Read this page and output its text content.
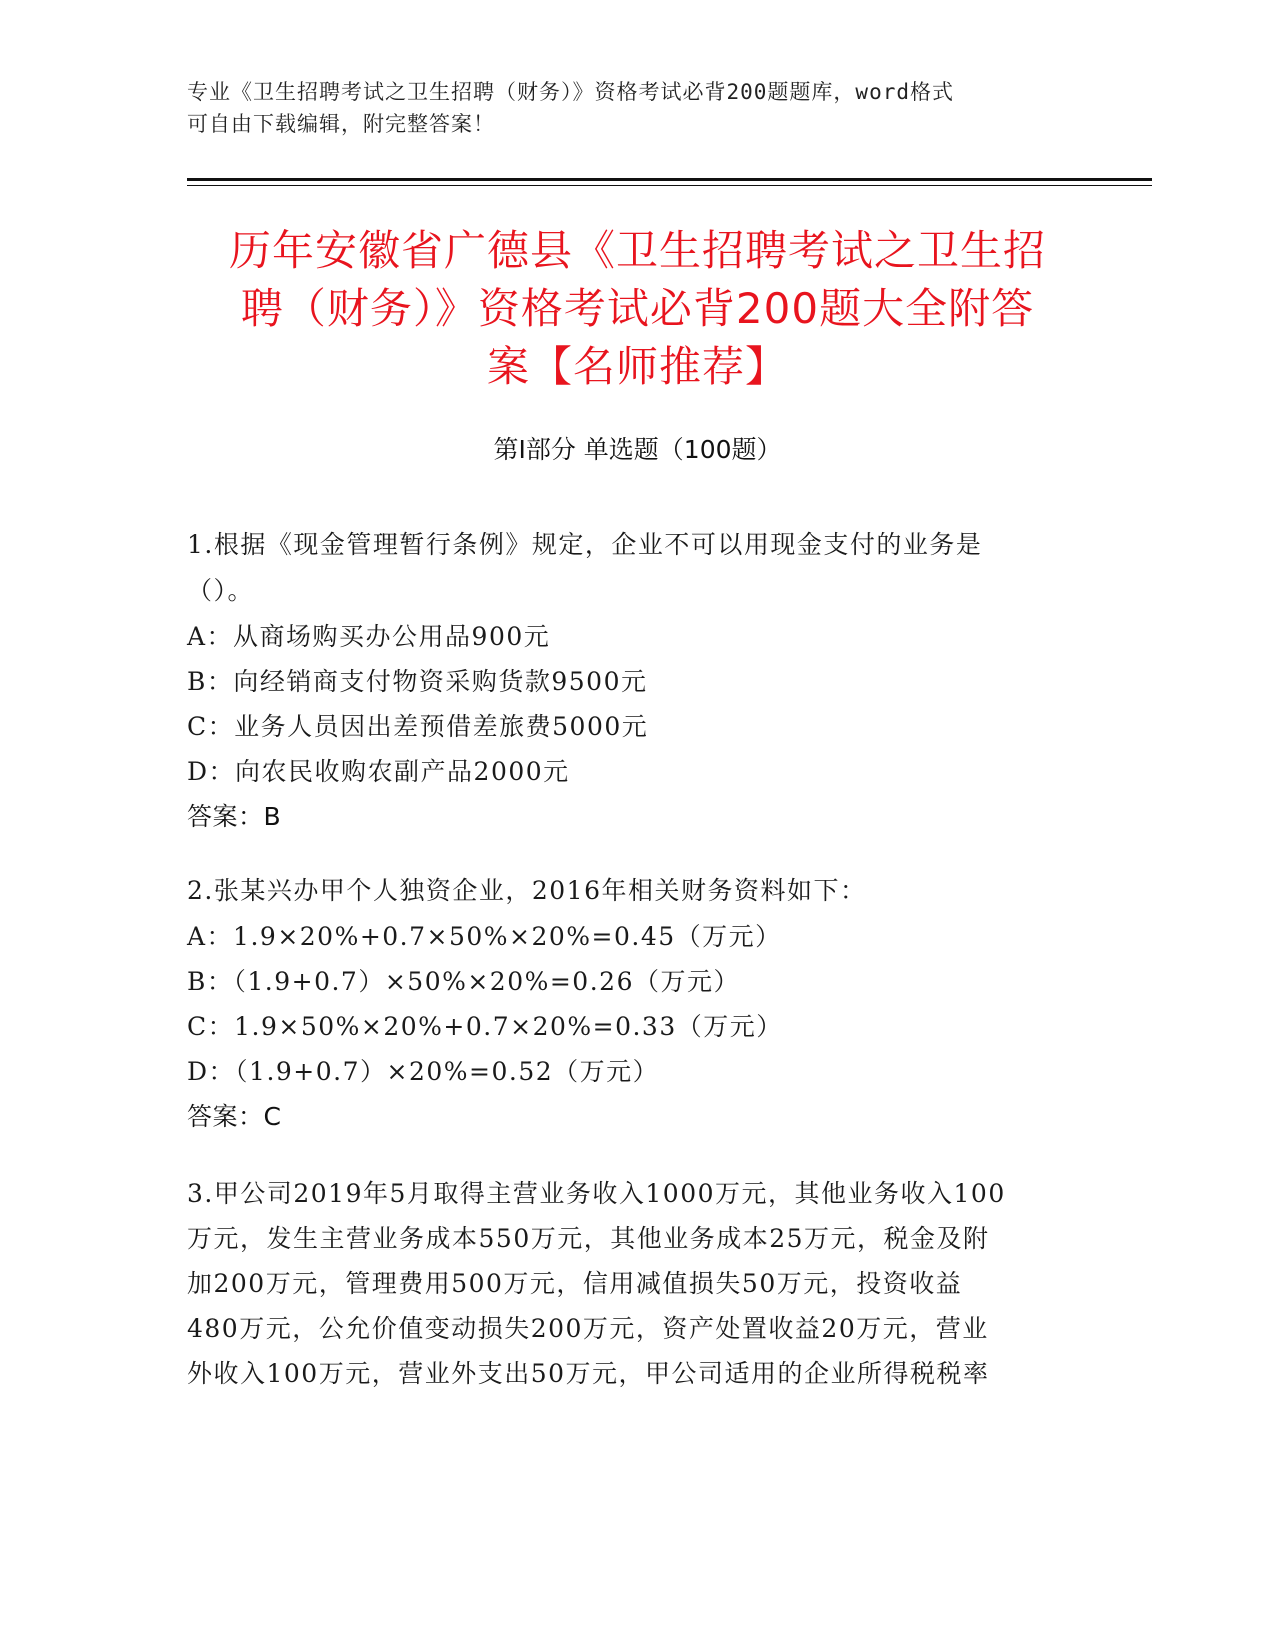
专业《卫生招聘考试之卫生招聘（财务）》资格考试必背200题题库，word格式
可自由下载编辑，附完整答案！
历年安徽省广德县《卫生招聘考试之卫生招
聘（财务）》资格考试必背200题大全附答
案【名师推荐】
第Ⅰ部分 单选题（100题）
1.根据《现金管理暂行条例》规定，企业不可以用现金支付的业务是
（）。
A：从商场购买办公用品900元
B：向经销商支付物资采购货款9500元
C：业务人员因出差预借差旅费5000元
D：向农民收购农副产品2000元
答案：B
2.张某兴办甲个人独资企业，2016年相关财务资料如下：
A：1.9×20%+0.7×50%×20%=0.45（万元）
B：（1.9+0.7）×50%×20%=0.26（万元）
C：1.9×50%×20%+0.7×20%=0.33（万元）
D：（1.9+0.7）×20%=0.52（万元）
答案：C
3.甲公司2019年5月取得主营业务收入1000万元，其他业务收入100
万元，发生主营业务成本550万元，其他业务成本25万元，税金及附
加200万元，管理费用500万元，信用减值损失50万元，投资收益
480万元，公允价值变动损失200万元，资产处置收益20万元，营业
外收入100万元，营业外支出50万元，甲公司适用的企业所得税税率
